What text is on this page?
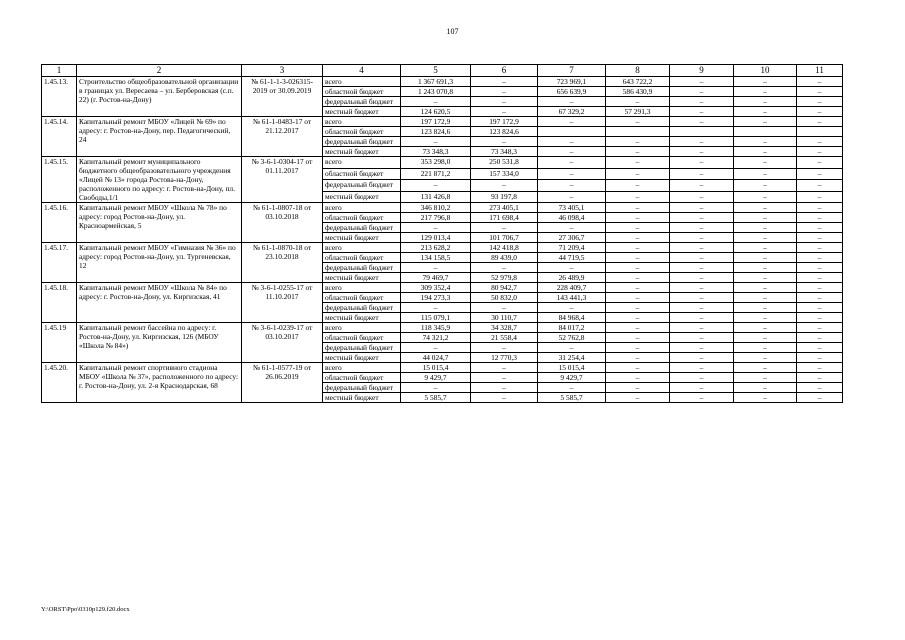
107
1	2	3	4	5	6	7	8	9	10	11
1.45.13.	Строительство общеобразовательной организации в границах ул. Вересаева – ул. Берберовская (с.п. 22) (г. Ростов-на-Дону)	№ 61-1-1-3-026315-2019 от 30.09.2019	всего	1 367 691,3	–	723 969,1	643 722,2	–	–	–
			областной бюджет	1 243 070,8	–	656 639,9	586 430,9	–	–	–
			федеральный бюджет	–	–	–	–	–	–	–
			местный бюджет	124 620,5	–	67 329,2	57 291,3	–	–	–
1.45.14.	Капитальный ремонт МБОУ «Лицей № 69» по адресу: г. Ростов-на-Дону, пер. Педагогический, 24	№ 61-1-0483-17 от 21.12.2017	всего	197 172,9	197 172,9	–	–	–	–	–
			областной бюджет	123 824,6	123 824,6					
			федеральный бюджет	–	–	–	–	–	–	–
			местный бюджет	73 348,3	73 348,3	–	–	–	–	–
1.45.15.	Капитальный ремонт муниципального бюджетного общеобразовательного учреждения «Лицей № 13» города Ростова-на-Дону, расположенного по адресу: г. Ростов-на-Дону, пл. Свободы,1/1	№ 3-6-1-0304-17 от 01.11.2017	всего	353 298,0	250 531,8	–	–	–	–	–
			областной бюджет	221 871,2	157 334,0	–	–	–	–	–
			федеральный бюджет	–	–	–	–	–	–	–
			местный бюджет	131 426,8	93 197,8	–	–	–	–	–
1.45.16.	Капитальный ремонт МБОУ «Школа № 78» по адресу: город Ростов-на-Дону, ул. Красноармейская, 5	№ 61-1-0807-18 от 03.10.2018	всего	346 810,2	273 405,1	73 405,1	–	–	–	–
			областной бюджет	217 796,8	171 698,4	46 098,4	–	–	–	–
			федеральный бюджет	–	–	–	–	–	–	–
			местный бюджет	129 013,4	101 706,7	27 306,7	–	–	–	–
1.45.17.	Капитальный ремонт МБОУ «Гимназия № 36» по адресу: город Ростов-на-Дону, ул. Тургеневская, 12	№ 61-1-0870-18 от 23.10.2018	всего	213 628,2	142 418,8	71 209,4	–	–	–	–
			областной бюджет	134 158,5	89 439,0	44 719,5	–	–	–	–
			федеральный бюджет	–	–	–	–	–	–	–
			местный бюджет	79 469,7	52 979,8	26 489,9	–	–	–	–
1.45.18.	Капитальный ремонт МБОУ «Школа № 84» по адресу: г. Ростов-на-Дону, ул. Киргизская, 41	№ 3-6-1-0255-17 от 11.10.2017	всего	309 352,4	80 942,7	228 409,7	–	–	–	–
			областной бюджет	194 273,3	50 832,0	143 441,3	–	–	–	–
			федеральный бюджет	–	–	–	–	–	–	–
			местный бюджет	115 079,1	30 110,7	84 968,4	–	–	–	–
1.45.19	Капитальный ремонт бассейна по адресу: г. Ростов-на-Дону, ул. Киргизская, 126 (МБОУ «Школа № 84»)	№ 3-6-1-0239-17 от 03.10.2017	всего	118 345,9	34 328,7	84 017,2	–	–	–	–
			областной бюджет	74 321,2	21 558,4	52 762,8	–	–	–	–
			федеральный бюджет	–	–	–	–	–	–	–
			местный бюджет	44 024,7	12 770,3	31 254,4	–	–	–	–
1.45.20.	Капитальный ремонт спортивного стадиона МБОУ «Школа № 37», расположенного по адресу: г. Ростов-на-Дону, ул. 2-я Краснодарская, 68	№ 61-1-0577-19 от 26.06.2019	всего	15 015,4	–	15 015,4	–	–	–	–
			областной бюджет	9 429,7	–	9 429,7	–	–	–	–
			федеральный бюджет	–	–	–	–	–	–	–
			местный бюджет	5 585,7	–	5 585,7	–	–	–	–
Y:\ORST\Ppo\0310p129.f20.docx
